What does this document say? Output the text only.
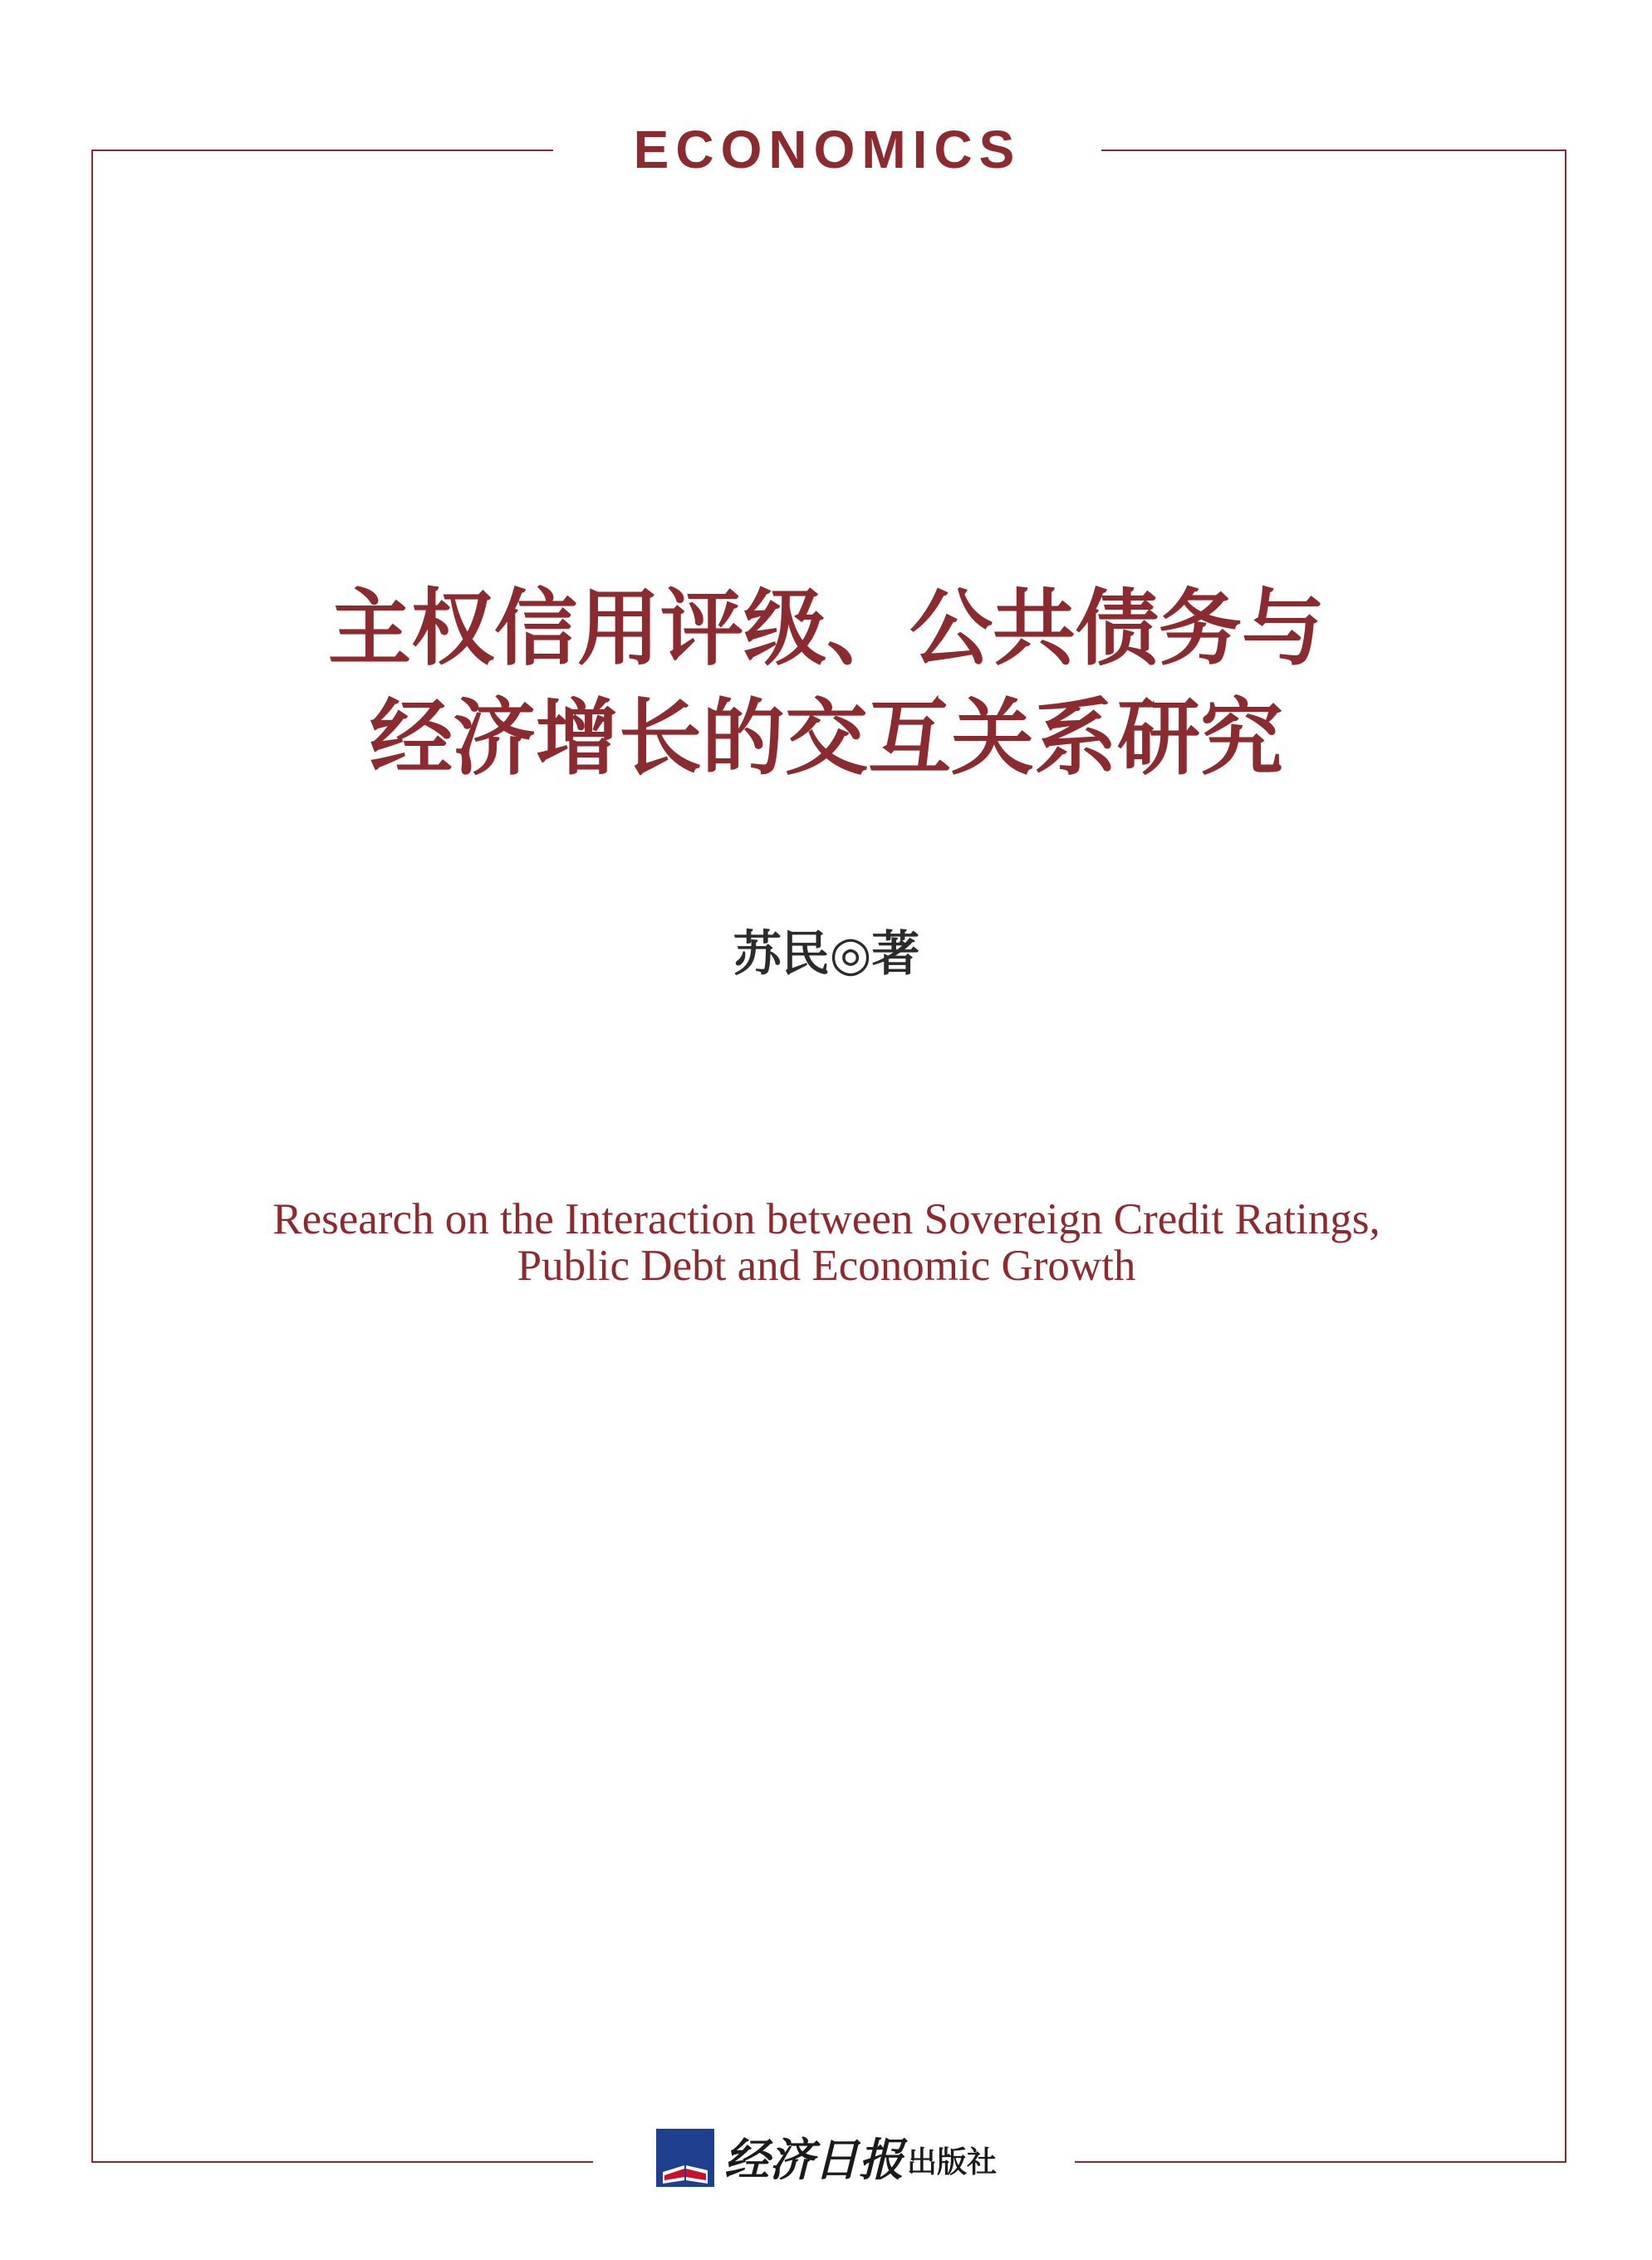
ECONOMICS
主权信用评级、公共债务与
经济增长的交互关系研究
苏民◎著
Research on the Interaction between Sovereign Credit Ratings,
Public Debt and Economic Growth
经济日报 出版社
